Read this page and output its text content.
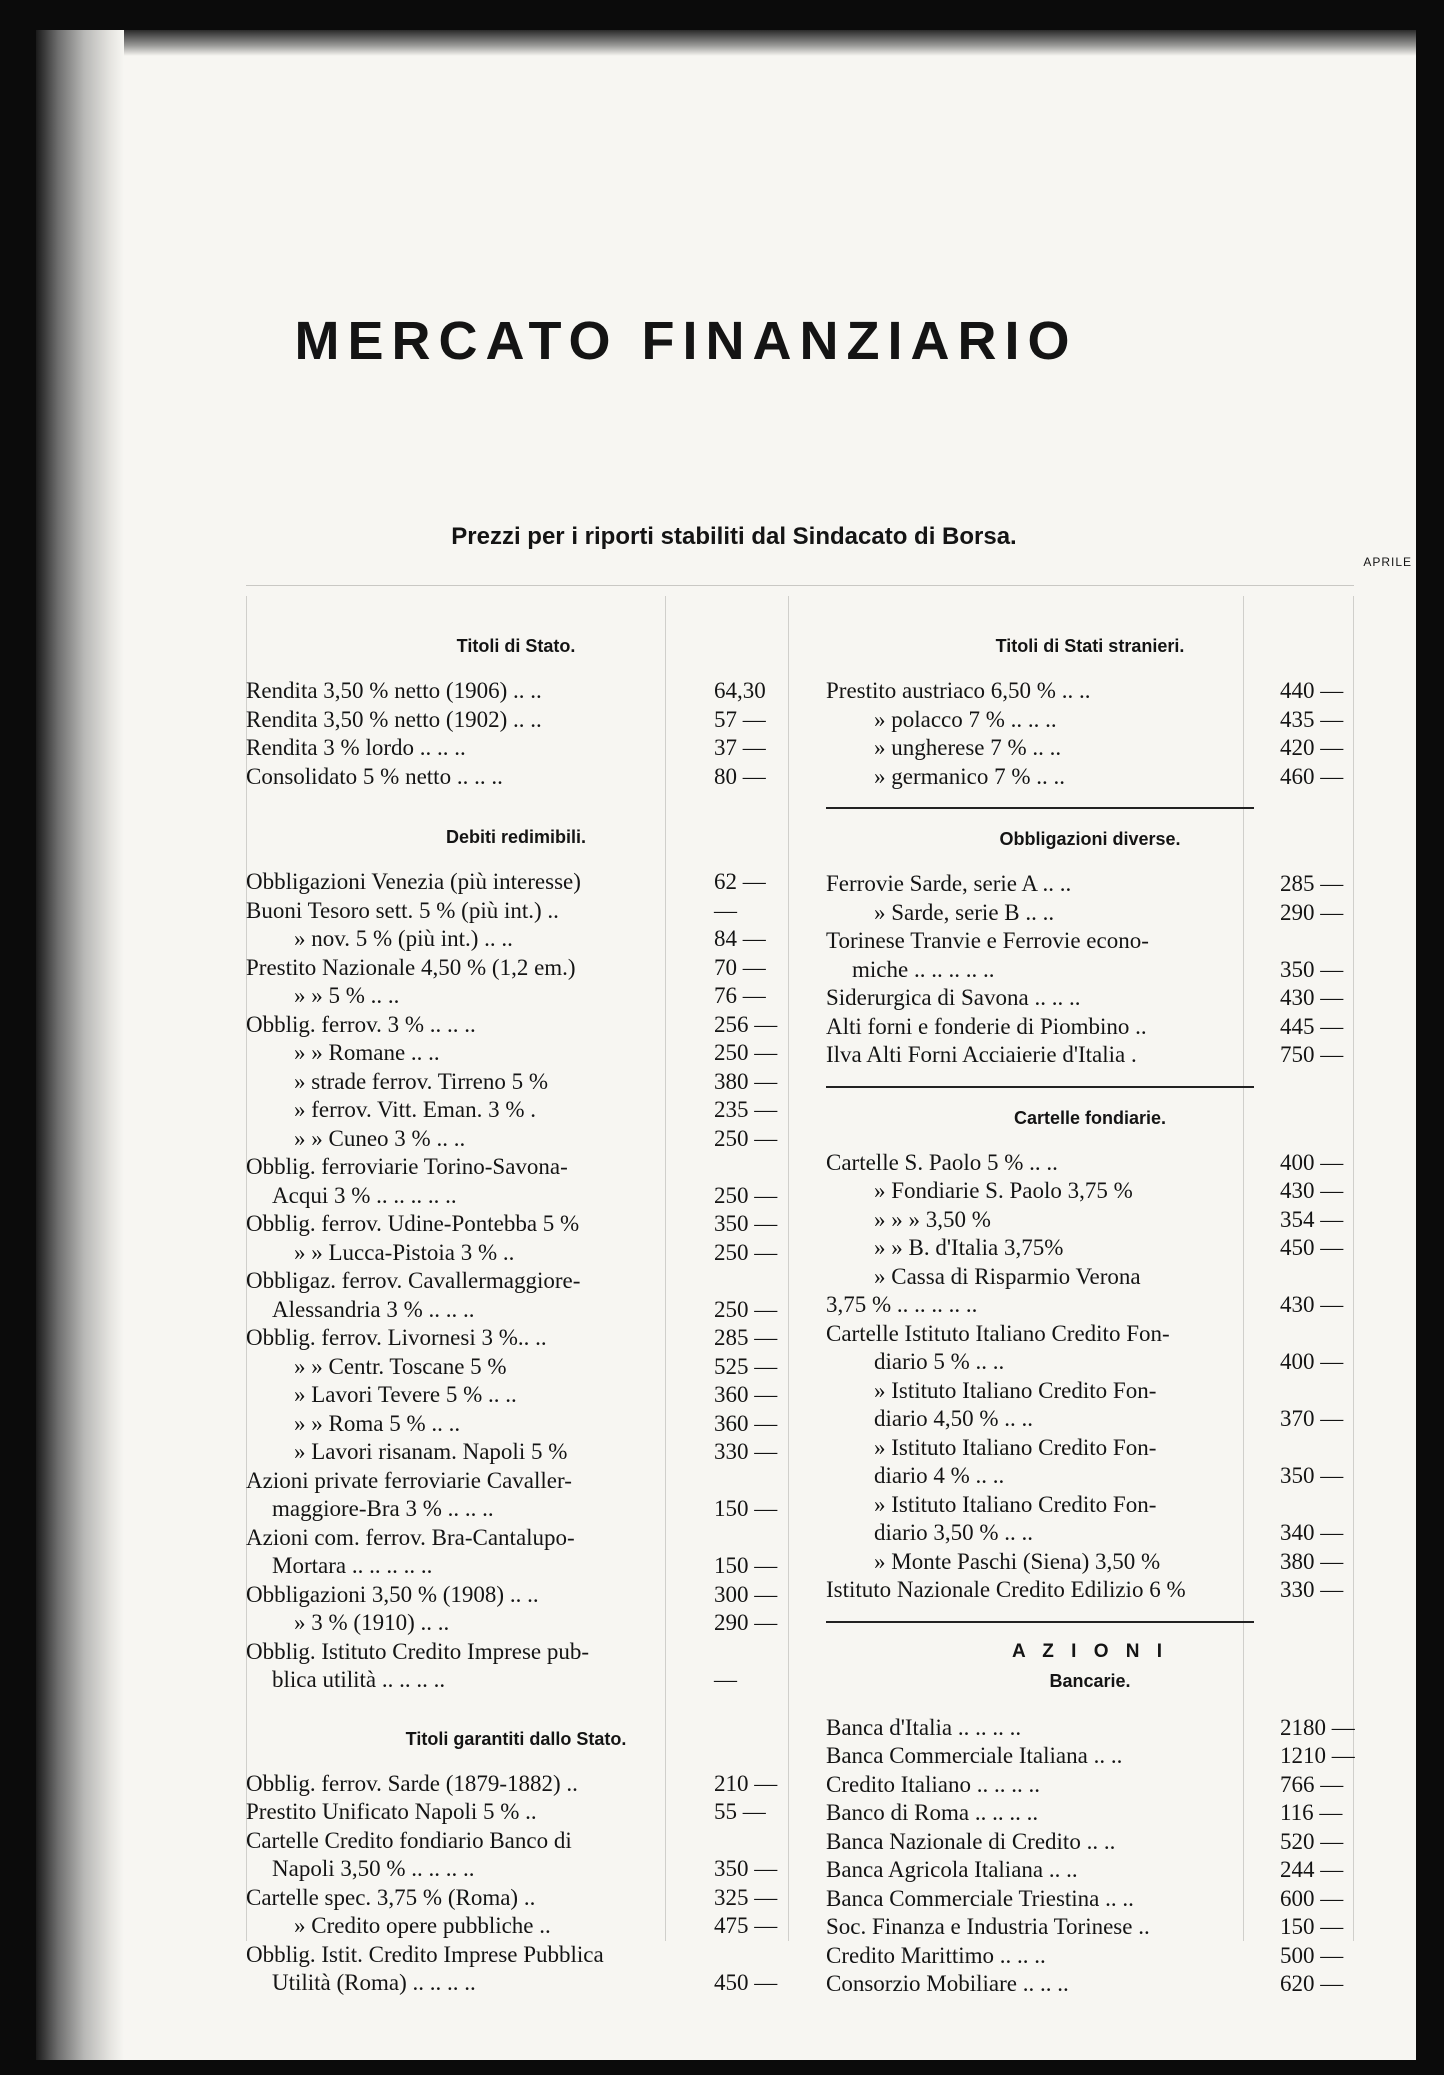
MERCATO FINANZIARIO
Prezzi per i riporti stabiliti dal Sindacato di Borsa.
APRILE
Titoli di Stato.
Rendita 3,50 % netto (1906) .. ..	64,30
Rendita 3,50 % netto (1902) .. ..	57 —
Rendita 3 % lordo .. .. ..	37 —
Consolidato 5 % netto .. .. ..	80 —
Debiti redimibili.
Obbligazioni Venezia (più interesse)	62 —
Buoni Tesoro sett. 5 % (più int.) ..	—
» nov. 5 % (più int.) .. ..	84 —
Prestito Nazionale 4,50 % (1,2 em.)	70 —
» » 5 % .. ..	76 —
Obblig. ferrov. 3 % .. .. ..	256 —
» » Romane .. ..	250 —
» strade ferrov. Tirreno 5 %	380 —
» ferrov. Vitt. Eman. 3 % .	235 —
» » Cuneo 3 % .. ..	250 —
Obblig. ferroviarie Torino-Savona-
Acqui 3 % .. .. .. .. ..	250 —
Obblig. ferrov. Udine-Pontebba 5 %	350 —
» » Lucca-Pistoia 3 % ..	250 —
Obbligaz. ferrov. Cavallermaggiore-
Alessandria 3 % .. .. ..	250 —
Obblig. ferrov. Livornesi 3 %.. ..	285 —
» » Centr. Toscane 5 %	525 —
» Lavori Tevere 5 % .. ..	360 —
» » Roma 5 % .. ..	360 —
» Lavori risanam. Napoli 5 %	330 —
Azioni private ferroviarie Cavaller-
maggiore-Bra 3 % .. .. ..	150 —
Azioni com. ferrov. Bra-Cantalupo-
Mortara .. .. .. .. ..	150 —
Obbligazioni 3,50 % (1908) .. ..	300 —
» 3 % (1910) .. ..	290 —
Obblig. Istituto Credito Imprese pub-
blica utilità .. .. .. ..	—
Titoli garantiti dallo Stato.
Obblig. ferrov. Sarde (1879-1882) ..	210 —
Prestito Unificato Napoli 5 % ..	55 —
Cartelle Credito fondiario Banco di
Napoli 3,50 % .. .. .. ..	350 —
Cartelle spec. 3,75 % (Roma) ..	325 —
» Credito opere pubbliche ..	475 —
Obblig. Istit. Credito Imprese Pubblica
Utilità (Roma) .. .. .. ..	450 —
Titoli di Stati stranieri.
Prestito austriaco 6,50 % .. ..	440 —
» polacco 7 % .. .. ..	435 —
» ungherese 7 % .. ..	420 —
» germanico 7 % .. ..	460 —
Obbligazioni diverse.
Ferrovie Sarde, serie A .. ..	285 —
» Sarde, serie B .. ..	290 —
Torinese Tranvie e Ferrovie econo-
miche .. .. .. .. ..	350 —
Siderurgica di Savona .. .. ..	430 —
Alti forni e fonderie di Piombino ..	445 —
Ilva Alti Forni Acciaierie d'Italia .	750 —
Cartelle fondiarie.
Cartelle S. Paolo 5 % .. ..	400 —
» Fondiarie S. Paolo 3,75 %	430 —
» » » 3,50 %	354 —
» » B. d'Italia 3,75%	450 —
» Cassa di Risparmio Verona
3,75 % .. .. .. .. ..	430 —
Cartelle Istituto Italiano Credito Fon-
diario 5 % .. ..	400 —
» Istituto Italiano Credito Fon-
diario 4,50 % .. ..	370 —
» Istituto Italiano Credito Fon-
diario 4 % .. ..	350 —
» Istituto Italiano Credito Fon-
diario 3,50 % .. ..	340 —
» Monte Paschi (Siena) 3,50 %	380 —
Istituto Nazionale Credito Edilizio 6 %	330 —
A Z I O N I
Bancarie.
Banca d'Italia .. .. .. ..	2180 —
Banca Commerciale Italiana .. ..	1210 —
Credito Italiano .. .. .. ..	766 —
Banco di Roma .. .. .. ..	116 —
Banca Nazionale di Credito .. ..	520 —
Banca Agricola Italiana .. ..	244 —
Banca Commerciale Triestina .. ..	600 —
Soc. Finanza e Industria Torinese ..	150 —
Credito Marittimo .. .. ..	500 —
Consorzio Mobiliare .. .. ..	620 —
